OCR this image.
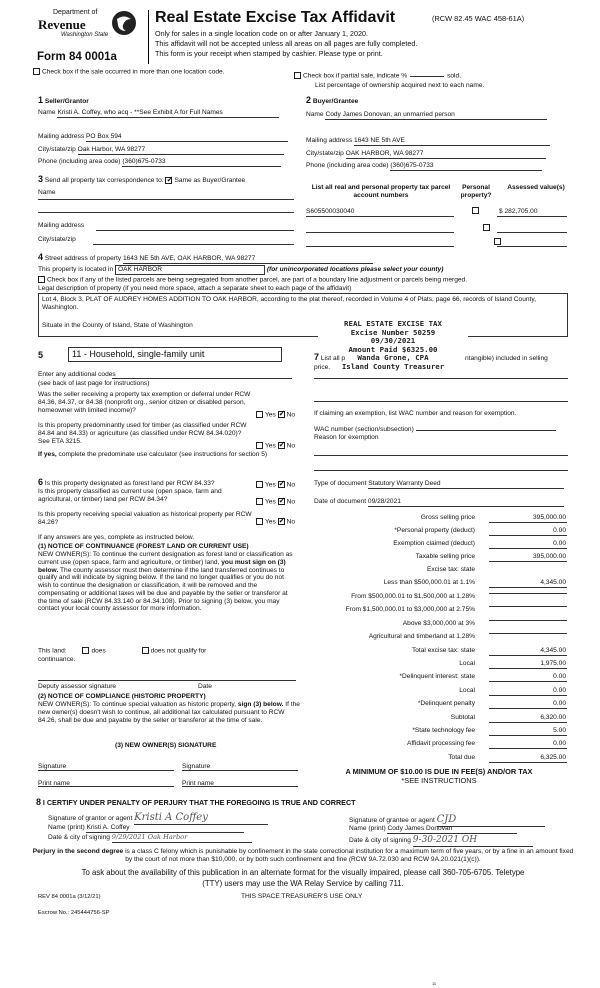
Department of
Revenue
Washington State
Form 84 0001a
Real Estate Excise Tax Affidavit	(RCW 82.45 WAC 458-61A)
Only for sales in a single location code on or after January 1, 2020.
This affidavit will not be accepted unless all areas on all pages are fully completed.
This form is your receipt when stamped by cashier. Please type or print.
Check box if the sale occurred in more than one location code.
Check box if partial sale, indicate %	sold.
List percentage of ownership acquired next to each name.
1 Seller/Grantor
Name Kristi A. Coffey, who acq - **See Exhibit A for Full Names
Mailing address PO Box 594
City/state/zip Oak Harbor, WA 98277
Phone (including area code) (360)675-0733
2 Buyer/Grantee
Name Cody James Donovan, an unmarried person
Mailing address 1643 NE 5th AVE
City/state/zip OAK HARBOR, WA 98277
Phone (including area code) (360)675-0733
3 Send all property tax correspondence to: ✓ Same as Buyer/Grantee
Name
Mailing address
City/state/zip
List all real and personal property tax parcel account numbers
Personal property?
Assessed value(s)
S605500030040
	$ 282,705.00

4 Street address of property 1643 NE 5th AVE, OAK HARBOR, WA 98277
This property is located in OAK HARBOR	(for unincorporated locations please select your county)
Check box if any of the listed parcels are being segregated from another parcel, are part of a boundary line adjustment or parcels being merged.
Legal description of property (if you need more space, attach a separate sheet to each page of the affidavit)
Lot 4, Block 3, PLAT OF AUDREY HOMES ADDITION TO OAK HARBOR, according to the plat thereof, recorded in Volume 4 of Plats, page 66, records of Island County, Washington.
Situate in the County of Island, State of Washington	REAL ESTATE EXCISE TAX
Excise Number 50259
09/30/2021
Amount Paid $6325.00
Wanda Grone, CPA
Island County Treasurer
5	11 - Household, single-family unit
Enter any additional codes
(see back of last page for instructions)
Was the seller receiving a property tax exemption or deferral under RCW 84.36, 84.37, or 84.38 (nonprofit org., senior citizen or disabled person, homeowner with limited income)?
Yes ✓ No
Is this property predominantly used for timber (as classified under RCW 84.84 and 84.33) or agriculture (as classified under RCW 84.34.020)? See ETA 3215.
Yes ✓ No
If yes, complete the predominate use calculator (see instructions for section 5)
7 List all p	ntangible) included in selling
price.
If claiming an exemption, list WAC number and reason for exemption.
WAC number (section/subsection)
Reason for exemption
Type of document Statutory Warranty Deed
Date of document 09/28/2021
6 Is this property designated as forest land per RCW 84.33?	Yes ✓ No
Is this property classified as current use (open space, farm and agricultural, or timber) land per RCW 84.34?	Yes ✓ No
Is this property receiving special valuation as historical property per RCW 84.26?	Yes ✓ No
If any answers are yes, complete as instructed below.
(1) NOTICE OF CONTINUANCE (FOREST LAND OR CURRENT USE)
NEW OWNER(S): To continue the current designation as forest land or classification as current use (open space, farm and agriculture, or timber) land, you must sign on (3) below. The county assessor must then determine if the land transferred continues to qualify and will indicate by signing below. If the land no longer qualifies or you do not wish to continue the designation or classification, it will be removed and the compensating or additional taxes will be due and payable by the seller or transferor at the time of sale (RCW 84.33.140 or 84.34.108). Prior to signing (3) below, you may contact your local county assessor for more information.
This land:	does	does not qualify for
continuance.
Deputy assessor signature	Date
(2) NOTICE OF COMPLIANCE (HISTORIC PROPERTY)
NEW OWNER(S): To continue special valuation as historic property, sign (3) below. If the new owner(s) doesn't wish to continue, all additional tax calculated pursuant to RCW 84.26, shall be due and payable by the seller or transferor at the time of sale.
(3) NEW OWNER(S) SIGNATURE
Signature	Signature
Print name	Print name
Gross selling price	395,000.00
*Personal property (deduct)	0.00
Exemption claimed (deduct)	0.00
Taxable selling price	395,000.00
Excise tax: state
Less than $500,000.01 at 1.1%	4,345.00
From $500,000.01 to $1,500,000 at 1.28%
From $1,500,000.01 to $3,000,000 at 2.75%
Above $3,000,000 at 3%
Agricultural and timberland at 1.28%
Total excise tax: state	4,345.00
Local	1,975.00
*Delinquent interest: state	0.00
Local	0.00
*Delinquent penalty	0.00
Subtotal	6,320.00
*State technology fee	5.00
Affidavit processing fee	0.00
Total due	6,325.00
A MINIMUM OF $10.00 IS DUE IN FEE(S) AND/OR TAX
*SEE INSTRUCTIONS
8 I CERTIFY UNDER PENALTY OF PERJURY THAT THE FOREGOING IS TRUE AND CORRECT
Signature of grantor or agent Kristi A Coffey
Name (print) Kristi A. Coffey
Date & city of signing 9/29/2021 Oak Harbor
Signature of grantee or agent CJD
Name (print) Cody James Donovan
Date & city of signing 9-30-2021 OH
Perjury in the second degree is a class C felony which is punishable by confinement in the state correctional institution for a maximum term of five years, or by a fine in an amount fixed by the court of not more than $10,000, or by both such confinement and fine (RCW 9A.72.030 and RCW 9A.20.021(1)(c)).
To ask about the availability of this publication in an alternate format for the visually impaired, please call 360-705-6705. Teletype
(TTY) users may use the WA Relay Service by calling 711.
REV 84 0001a (3/12/21)	THIS SPACE TREASURER'S USE ONLY
Escrow No.: 245444756-SP
11
